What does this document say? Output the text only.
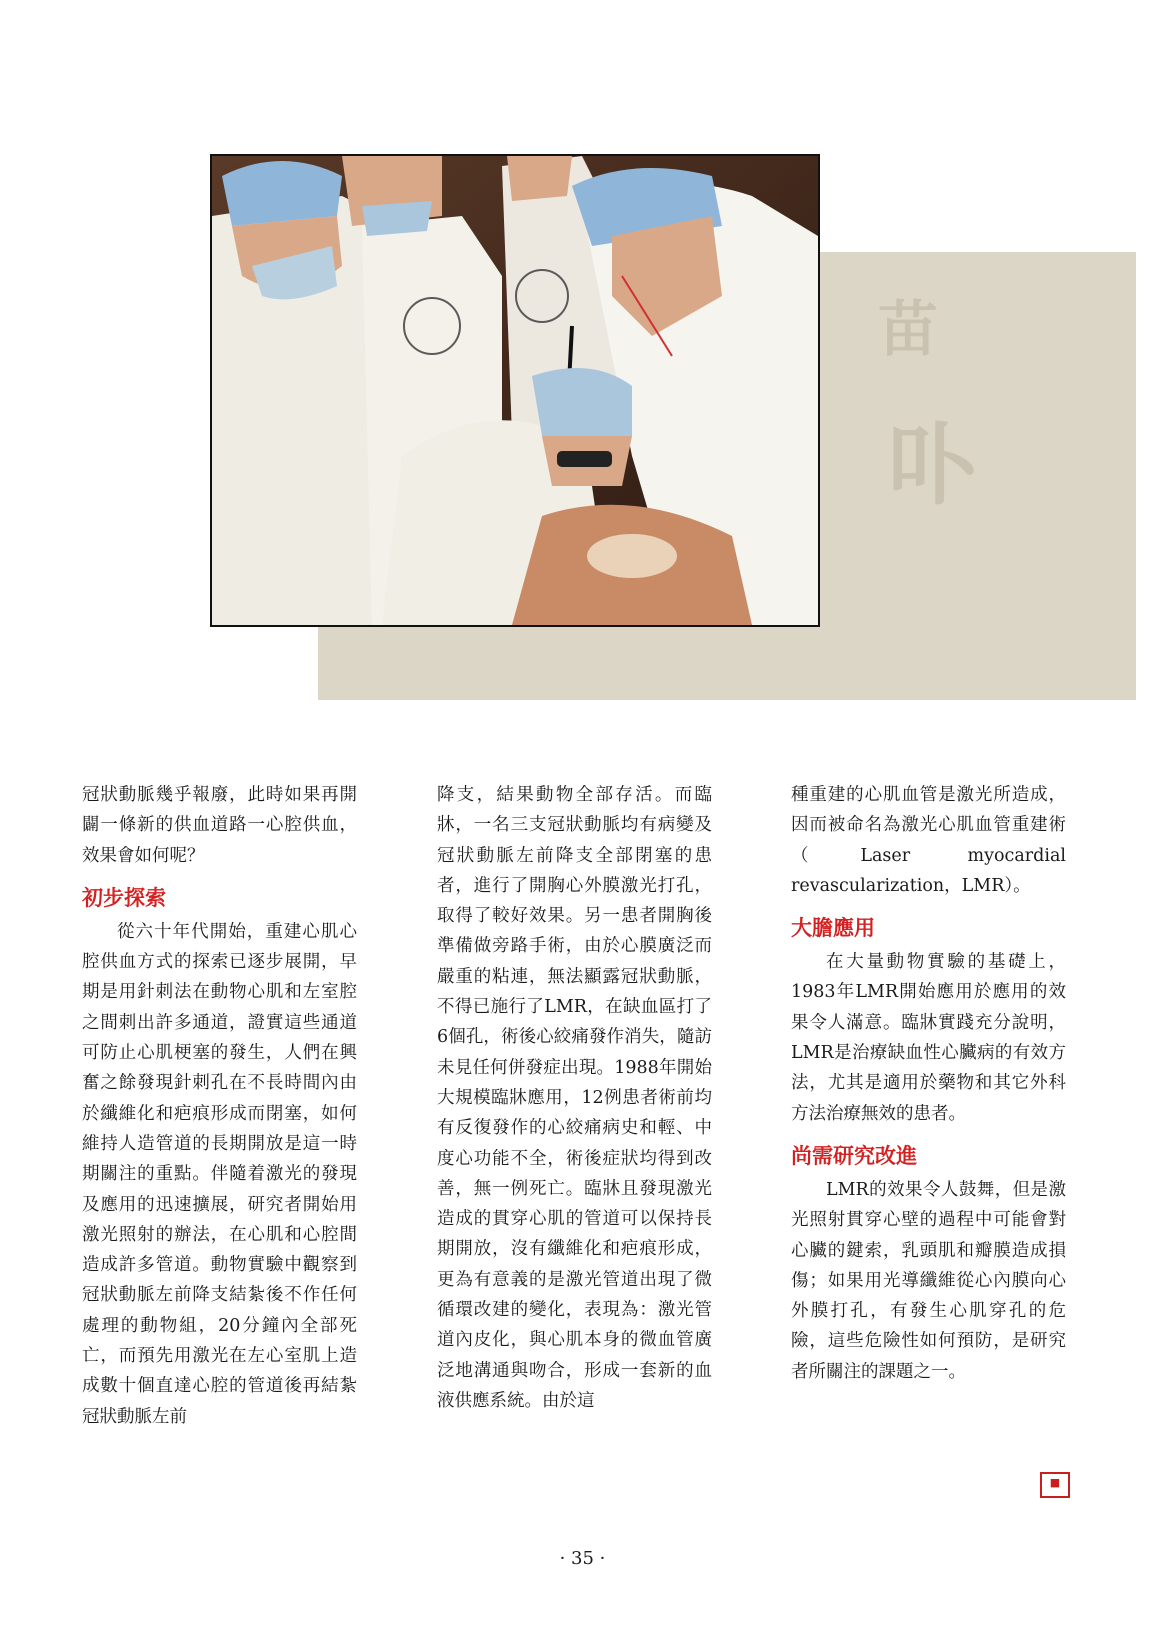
苗
卟

冠狀動脈幾乎報廢，此時如果再開闢一條新的供血道路一心腔供血，效果會如何呢？

初步探索

從六十年代開始，重建心肌心腔供血方式的探索已逐步展開，早期是用針刺法在動物心肌和左室腔之間刺出許多通道，證實這些通道可防止心肌梗塞的發生，人們在興奮之餘發現針刺孔在不長時間內由於纖維化和疤痕形成而閉塞，如何維持人造管道的長期開放是這一時期關注的重點。伴隨着激光的發現及應用的迅速擴展，研究者開始用激光照射的辦法，在心肌和心腔間造成許多管道。動物實驗中觀察到冠狀動脈左前降支結紮後不作任何處理的動物組，20分鐘內全部死亡，而預先用激光在左心室肌上造成數十個直達心腔的管道後再結紮冠狀動脈左前

降支，結果動物全部存活。而臨牀，一名三支冠狀動脈均有病變及冠狀動脈左前降支全部閉塞的患者，進行了開胸心外膜激光打孔，取得了較好效果。另一患者開胸後準備做旁路手術，由於心膜廣泛而嚴重的粘連，無法顯露冠狀動脈，不得已施行了LMR，在缺血區打了6個孔，術後心絞痛發作消失，隨訪未見任何併發症出現。1988年開始大規模臨牀應用，12例患者術前均有反復發作的心絞痛病史和輕、中度心功能不全，術後症狀均得到改善，無一例死亡。臨牀且發現激光造成的貫穿心肌的管道可以保持長期開放，沒有纖維化和疤痕形成，更為有意義的是激光管道出現了微循環改建的變化，表現為：激光管道內皮化，與心肌本身的微血管廣泛地溝通與吻合，形成一套新的血液供應系統。由於這

種重建的心肌血管是激光所造成，因而被命名為激光心肌血管重建術（Laser myocardial revascularization，LMR）。

大膽應用

在大量動物實驗的基礎上，1983年LMR開始應用於應用的效果令人滿意。臨牀實踐充分說明，LMR是治療缺血性心臟病的有效方法，尤其是適用於藥物和其它外科方法治療無效的患者。

尚需研究改進

LMR的效果令人鼓舞，但是激光照射貫穿心壁的過程中可能會對心臟的鍵索，乳頭肌和瓣膜造成損傷；如果用光導纖維從心內膜向心外膜打孔，有發生心肌穿孔的危險，這些危險性如何預防，是研究者所關注的課題之一。

■
· 35 ·
